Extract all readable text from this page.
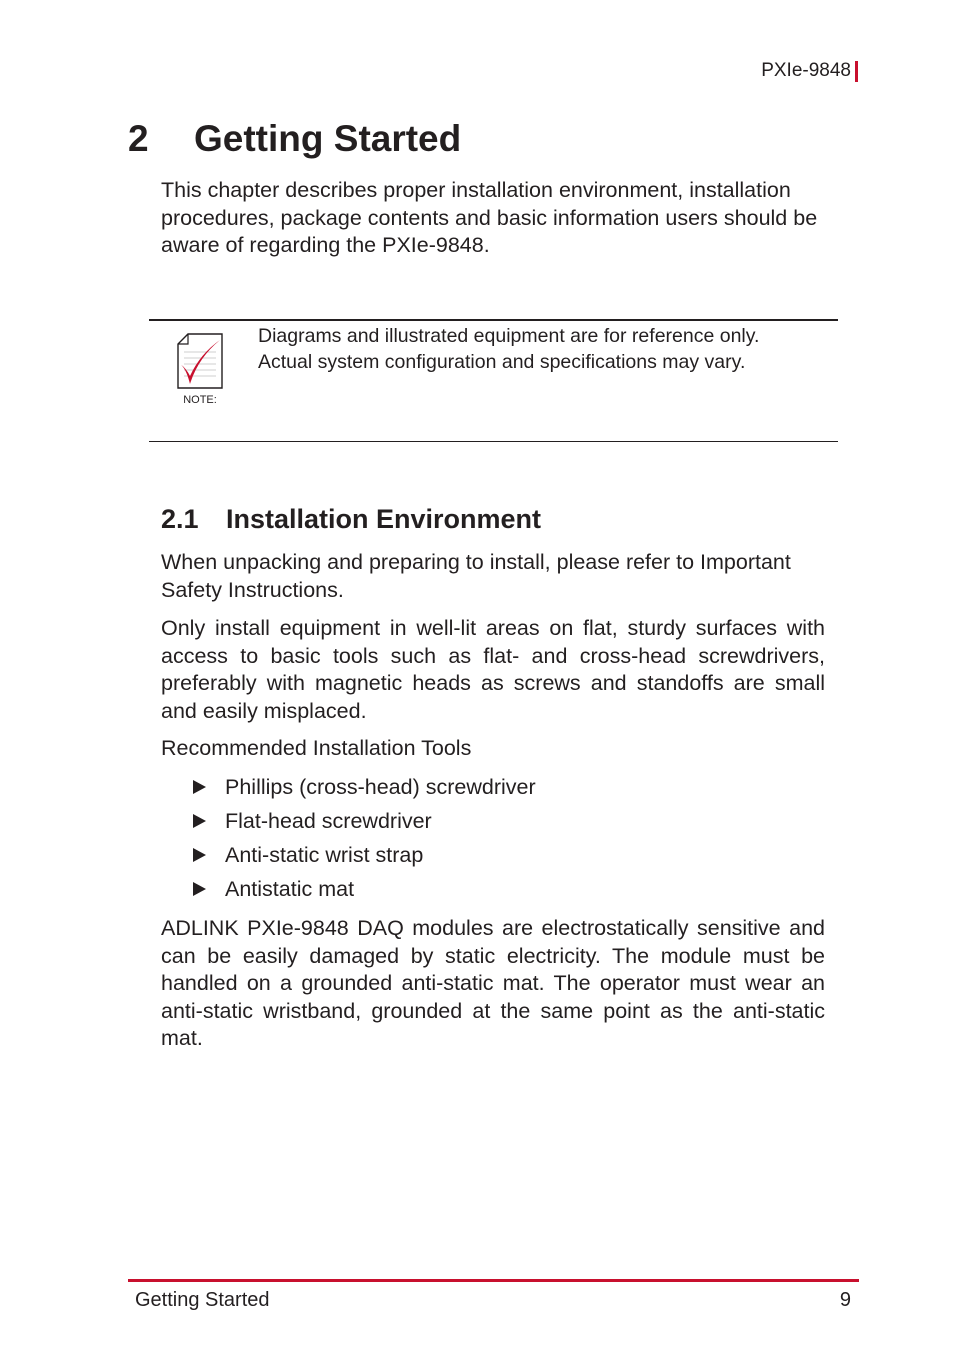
PXIe-9848
2 Getting Started

This chapter describes proper installation environment, installation procedures, package contents and basic information users should be aware of regarding the PXIe-9848.

NOTE:

Diagrams and illustrated equipment are for reference only.
Actual system configuration and specifications may vary.

2.1 Installation Environment

When unpacking and preparing to install, please refer to Important Safety Instructions.

Only install equipment in well-lit areas on flat, sturdy surfaces with access to basic tools such as flat- and cross-head screwdrivers, preferably with magnetic heads as screws and standoffs are small and easily misplaced.

Recommended Installation Tools

Phillips (cross-head) screwdriver
Flat-head screwdriver
Anti-static wrist strap
Antistatic mat

ADLINK PXIe-9848 DAQ modules are electrostatically sensitive and can be easily damaged by static electricity. The module must be handled on a grounded anti-static mat. The operator must wear an anti-static wristband, grounded at the same point as the anti-static mat.

Getting Started	9
